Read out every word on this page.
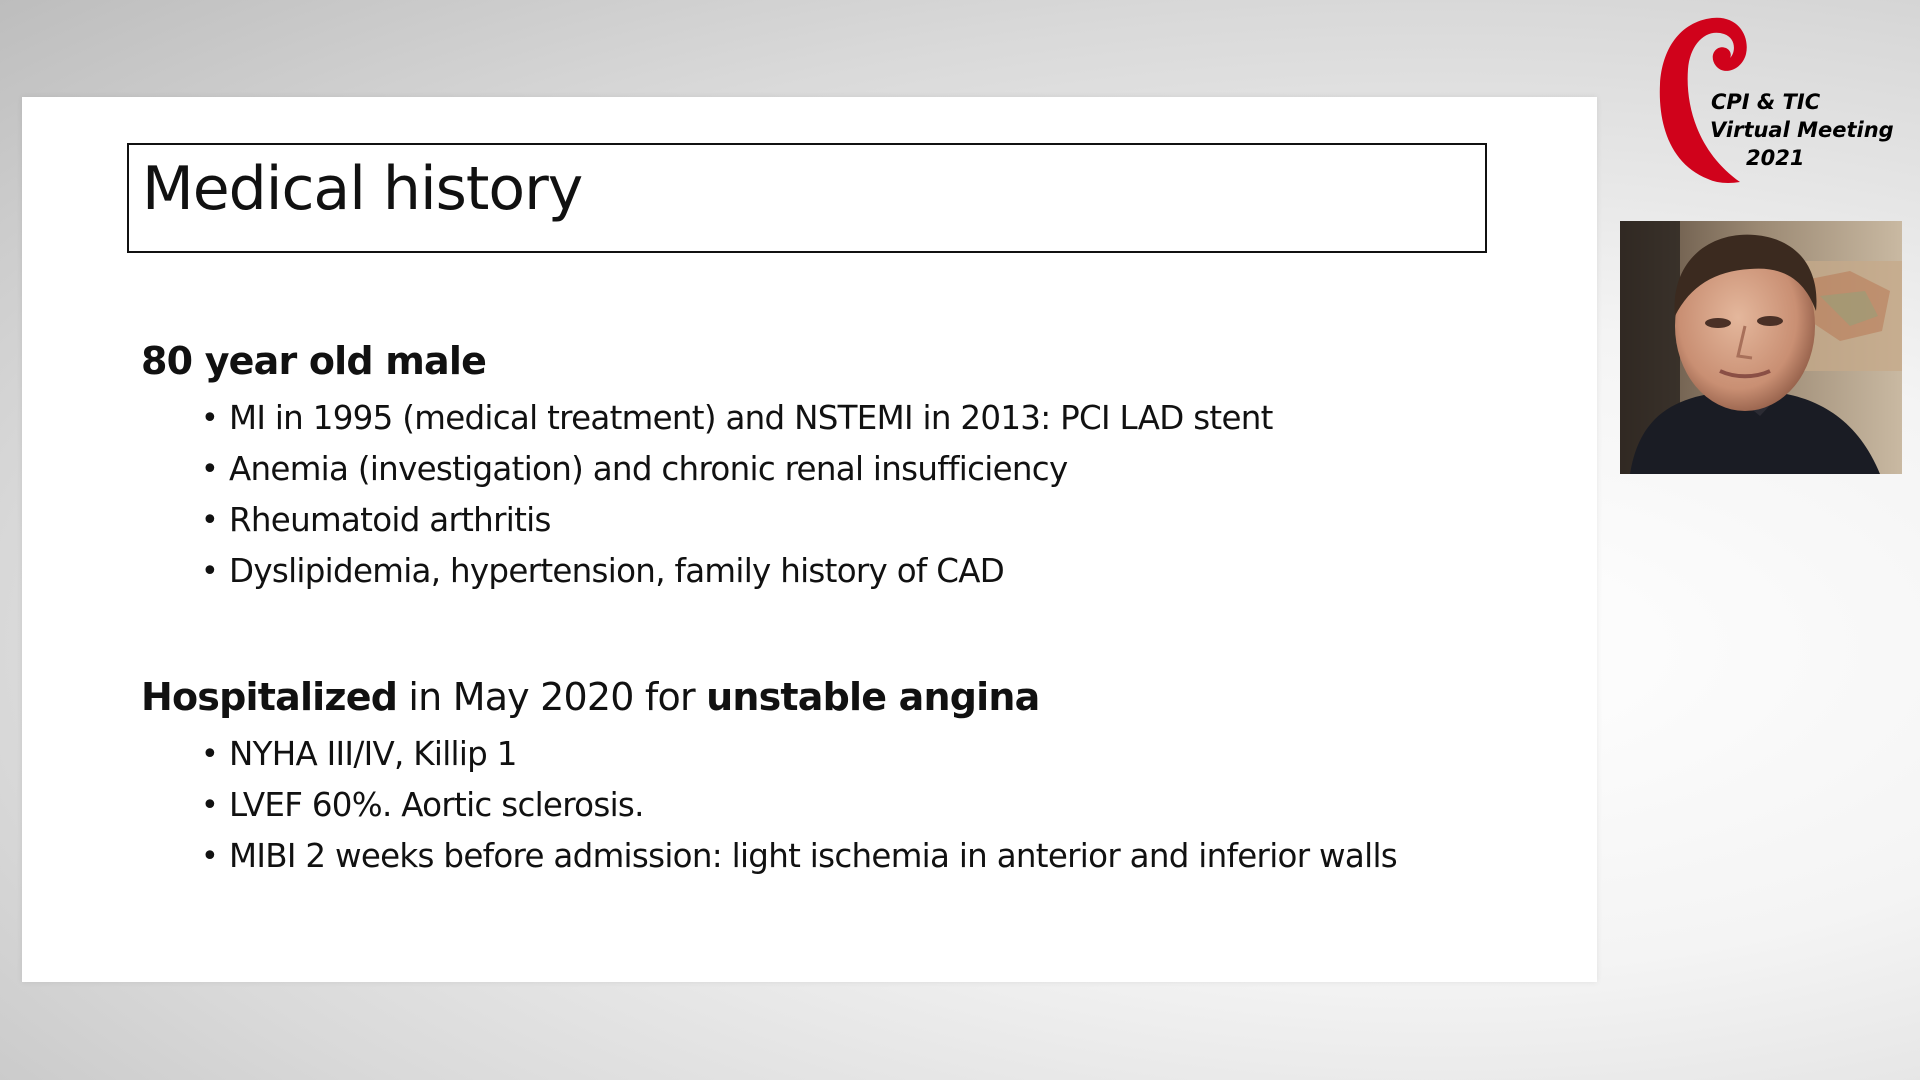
Medical history
80 year old male
• MI in 1995 (medical treatment) and NSTEMI in 2013: PCI LAD stent
• Anemia (investigation) and chronic renal insufficiency
• Rheumatoid arthritis
• Dyslipidemia, hypertension, family history of CAD
Hospitalized in May 2020 for unstable angina
• NYHA III/IV, Killip 1
• LVEF 60%. Aortic sclerosis.
• MIBI 2 weeks before admission: light ischemia in anterior and inferior walls
CPI & TIC
Virtual Meeting
2021
